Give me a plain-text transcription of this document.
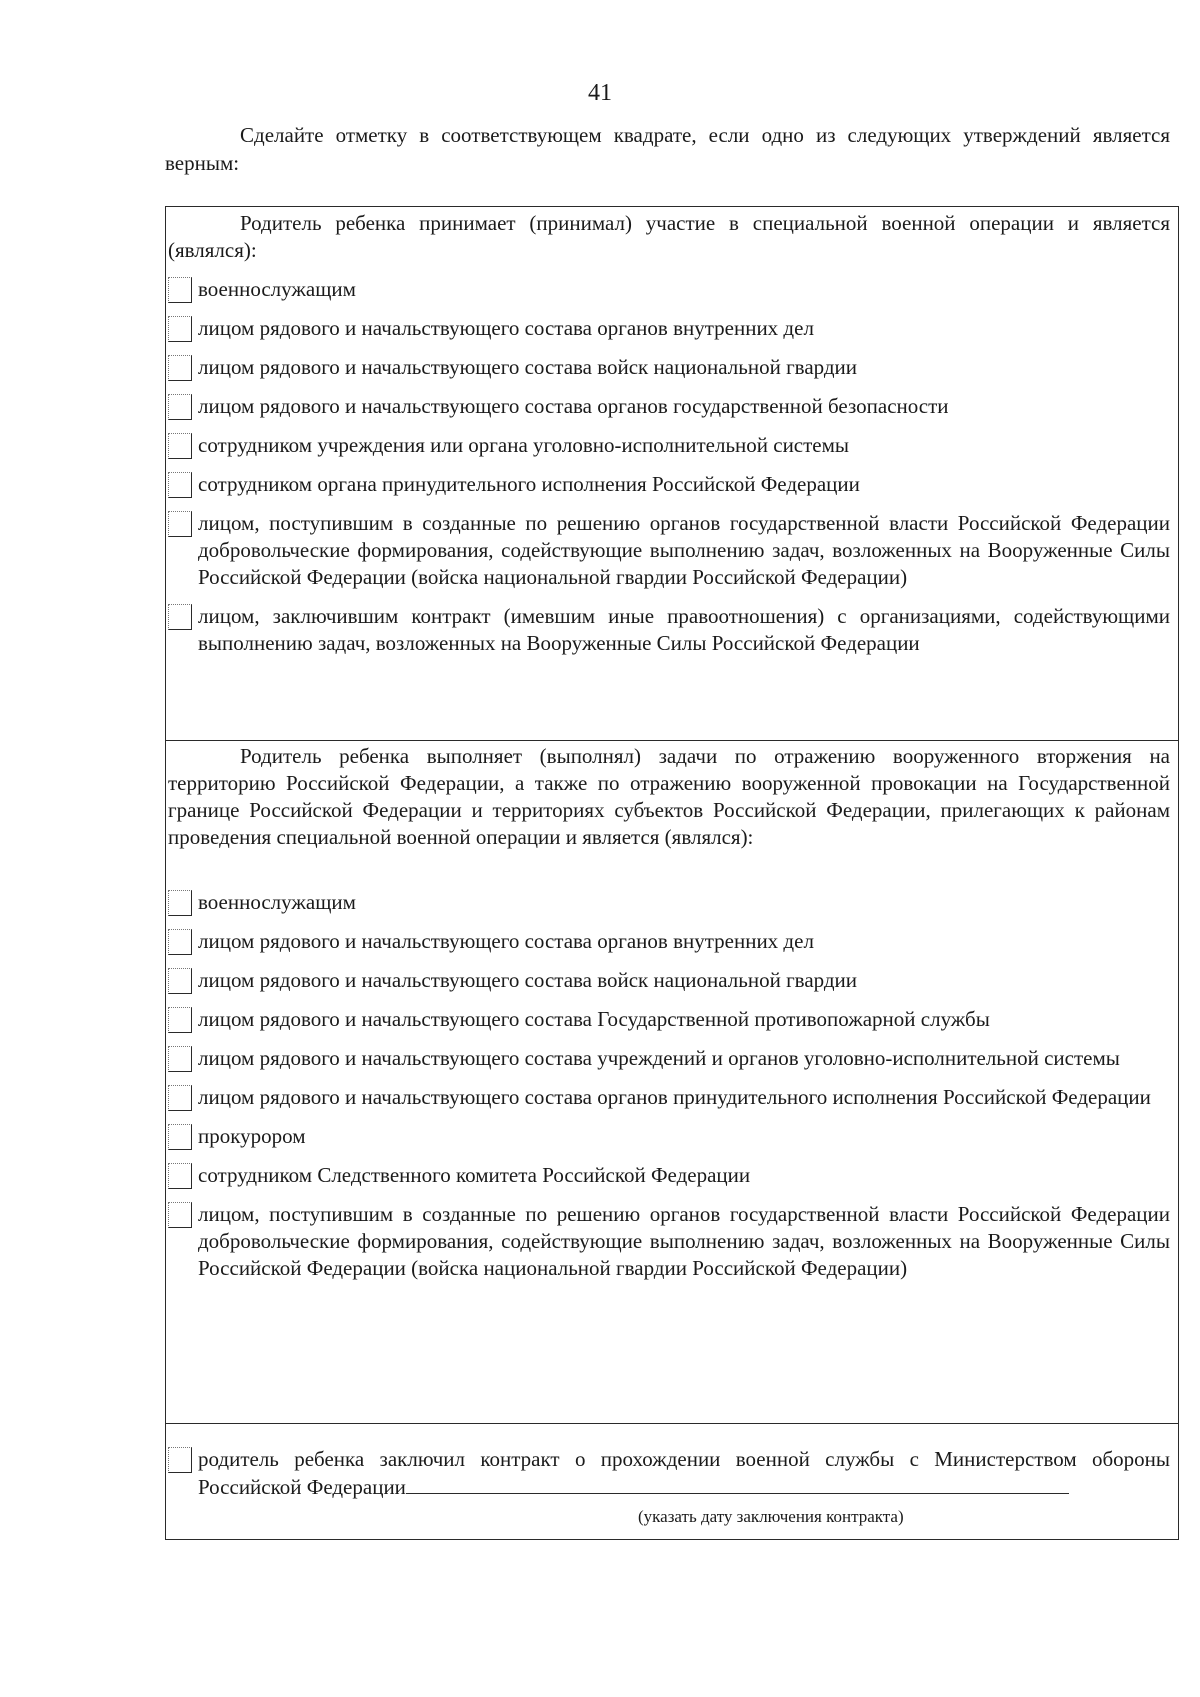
41
Сделайте отметку в соответствующем квадрате, если одно из следующих утверждений является верным:

Родитель ребенка принимает (принимал) участие в специальной военной операции и является (являлся):

военнослужащим
лицом рядового и начальствующего состава органов внутренних дел
лицом рядового и начальствующего состава войск национальной гвардии
лицом рядового и начальствующего состава органов государственной безопасности
сотрудником учреждения или органа уголовно-исполнительной системы
сотрудником органа принудительного исполнения Российской Федерации
лицом, поступившим в созданные по решению органов государственной власти Российской Федерации добровольческие формирования, содействующие выполнению задач, возложенных на Вооруженные Силы Российской Федерации (войска национальной гвардии Российской Федерации)
лицом, заключившим контракт (имевшим иные правоотношения) с организациями, содействующими выполнению задач, возложенных на Вооруженные Силы Российской Федерации

Родитель ребенка выполняет (выполнял) задачи по отражению вооруженного вторжения на территорию Российской Федерации, а также по отражению вооруженной провокации на Государственной границе Российской Федерации и территориях субъектов Российской Федерации, прилегающих к районам проведения специальной военной операции и является (являлся):

военнослужащим
лицом рядового и начальствующего состава органов внутренних дел
лицом рядового и начальствующего состава войск национальной гвардии
лицом рядового и начальствующего состава Государственной противопожарной службы
лицом рядового и начальствующего состава учреждений и органов уголовно-исполнительной системы
лицом рядового и начальствующего состава органов принудительного исполнения Российской Федерации
прокурором
сотрудником Следственного комитета Российской Федерации
лицом, поступившим в созданные по решению органов государственной власти Российской Федерации добровольческие формирования, содействующие выполнению задач, возложенных на Вооруженные Силы Российской Федерации (войска национальной гвардии Российской Федерации)
родитель ребенка заключил контракт о прохождении военной службы с Министерством обороны Российской Федерации
(указать дату заключения контракта)
